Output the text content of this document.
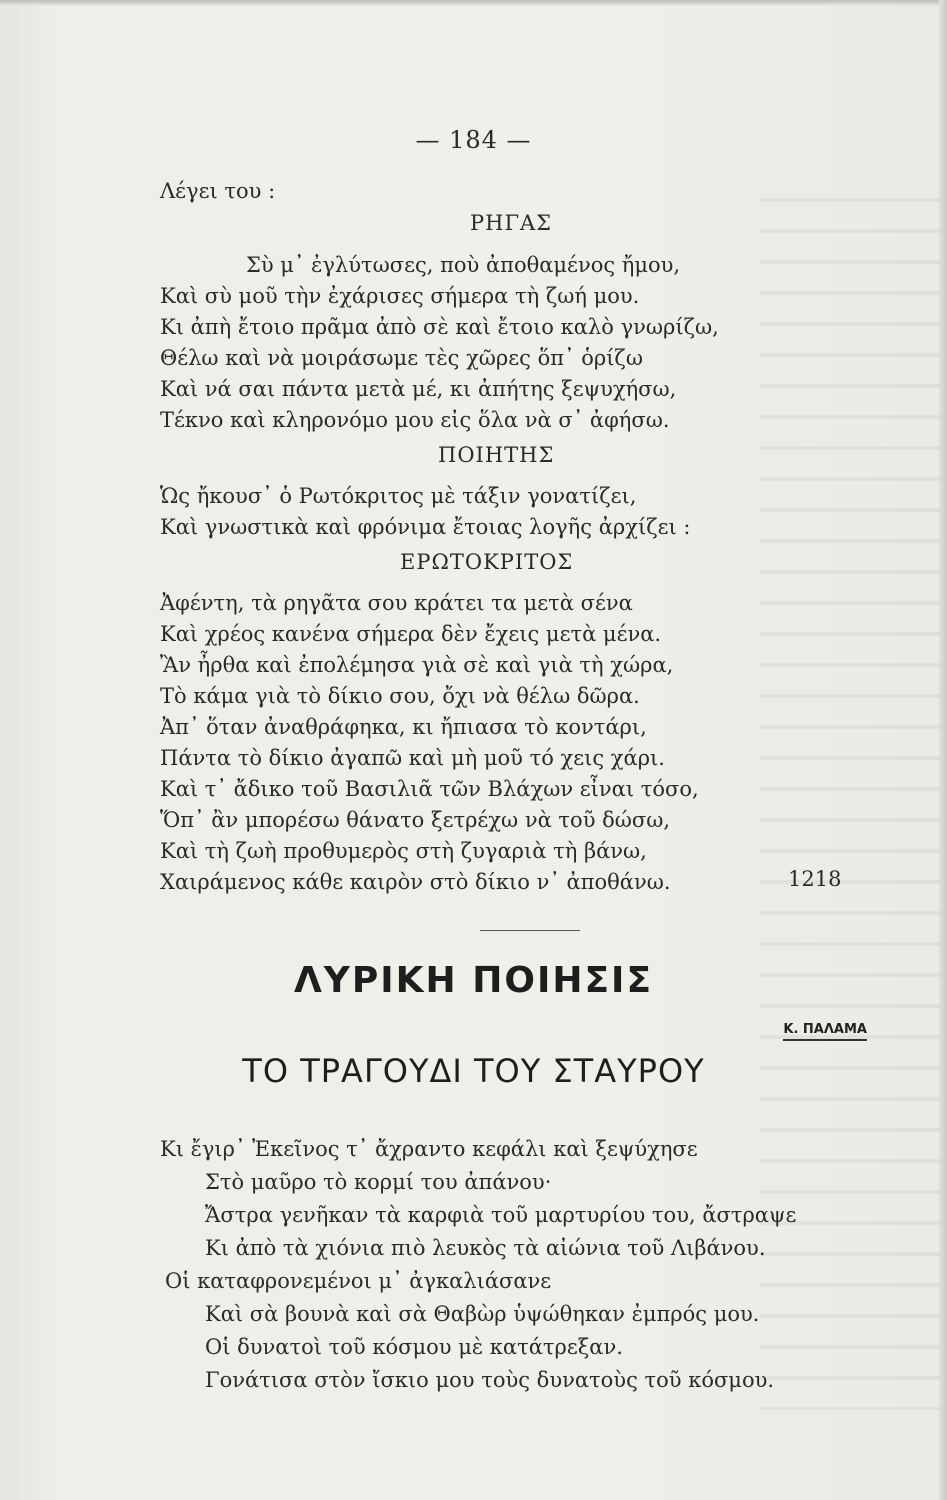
— 184 —
Λέγει του :
ΡΗΓΑΣ
Σὺ μ᾽ ἐγλύτωσες, ποὺ ἀποθαμένος ἤμου,
Καὶ σὺ μοῦ τὴν ἐχάρισες σήμερα τὴ ζωή μου.
Κι ἀπὴ ἔτοιο πρᾶμα ἀπὸ σὲ καὶ ἔτοιο καλὸ γνωρίζω,
Θέλω καὶ νὰ μοιράσωμε τὲς χῶρες ὅπ᾽ ὁρίζω
Καὶ νά σαι πάντα μετὰ μέ, κι ἀπήτης ξεψυχήσω,
Τέκνο καὶ κληρονόμο μου εἰς ὅλα νὰ σ᾽ ἀφήσω.
ΠΟΙΗΤΗΣ
Ὡς ἤκουσ᾽ ὁ Ρωτόκριτος μὲ τάξιν γονατίζει,
Καὶ γνωστικὰ καὶ φρόνιμα ἔτοιας λογῆς ἀρχίζει :
ΕΡΩΤΟΚΡΙΤΟΣ
Ἀφέντη, τὰ ρηγᾶτα σου κράτει τα μετὰ σένα
Καὶ χρέος κανένα σήμερα δὲν ἔχεις μετὰ μένα.
Ἂν ἦρθα καὶ ἐπολέμησα γιὰ σὲ καὶ γιὰ τὴ χώρα,
Τὸ κάμα γιὰ τὸ δίκιο σου, ὄχι νὰ θέλω δῶρα.
Ἀπ᾽ ὅταν ἀναθράφηκα, κι ἤπιασα τὸ κοντάρι,
Πάντα τὸ δίκιο ἀγαπῶ καὶ μὴ μοῦ τό χεις χάρι.
Καὶ τ᾽ ἄδικο τοῦ Βασιλιᾶ τῶν Βλάχων εἶναι τόσο,
Ὅπ᾽ ἂν μπορέσω θάνατο ξετρέχω νὰ τοῦ δώσω,
Καὶ τὴ ζωὴ προθυμερὸς στὴ ζυγαριὰ τὴ βάνω,
Χαιράμενος κάθε καιρὸν στὸ δίκιο ν᾽ ἀποθάνω.	1218
ΛΥΡΙΚΗ ΠΟΙΗΣΙΣ
Κ. ΠΑΛΑΜΑ
ΤΟ ΤΡΑΓΟΥΔΙ ΤΟΥ ΣΤΑΥΡΟΥ
Κι ἔγιρ᾽ Ἐκεῖνος τ᾽ ἄχραντο κεφάλι καὶ ξεψύχησε
Στὸ μαῦρο τὸ κορμί του ἀπάνου·
Ἄστρα γενῆκαν τὰ καρφιὰ τοῦ μαρτυρίου του, ἄστραψε
Κι ἀπὸ τὰ χιόνια πιὸ λευκὸς τὰ αἰώνια τοῦ Λιβάνου.
Οἱ καταφρονεμένοι μ᾽ ἀγκαλιάσανε
Καὶ σὰ βουνὰ καὶ σὰ Θαβὼρ ὑψώθηκαν ἐμπρός μου.
Οἱ δυνατοὶ τοῦ κόσμου μὲ κατάτρεξαν.
Γονάτισα στὸν ἴσκιο μου τοὺς δυνατοὺς τοῦ κόσμου.
